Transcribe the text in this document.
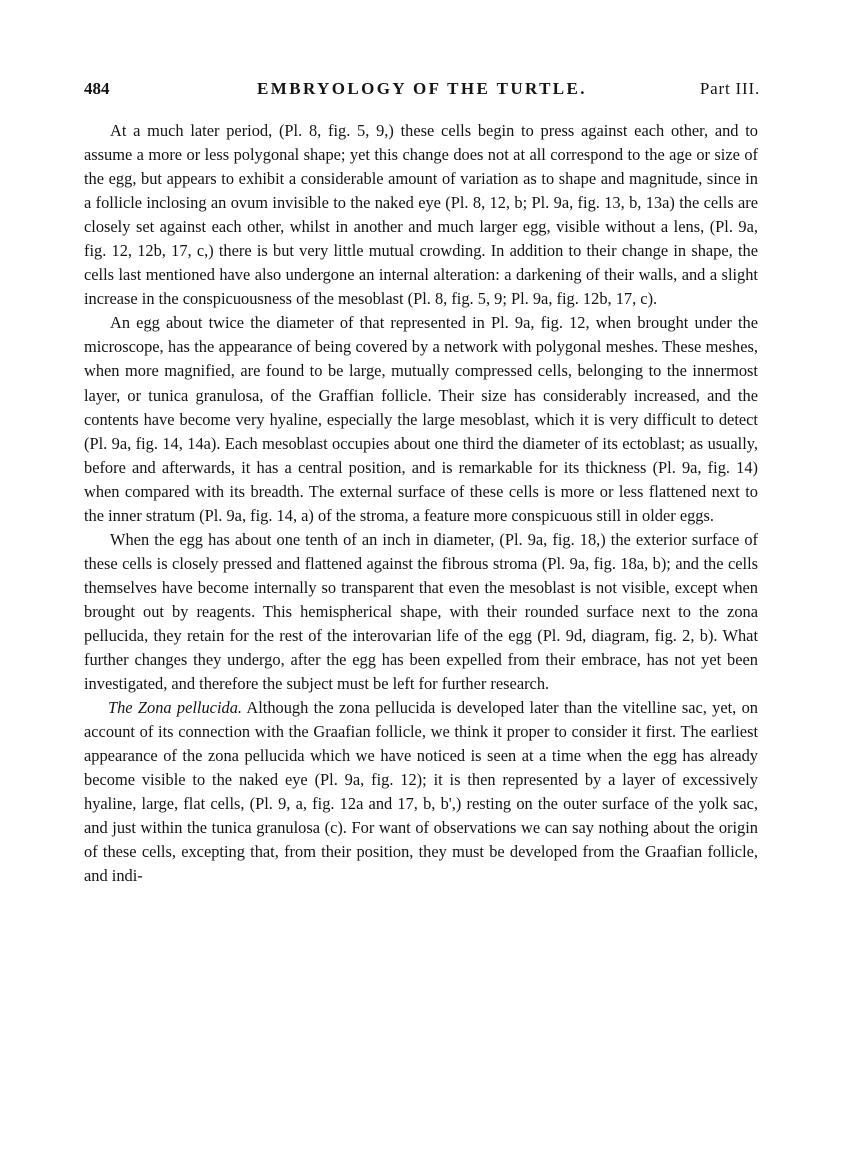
484	EMBRYOLOGY OF THE TURTLE.	Part III.

At a much later period, (Pl. 8, fig. 5, 9,) these cells begin to press against each other, and to assume a more or less polygonal shape; yet this change does not at all correspond to the age or size of the egg, but appears to exhibit a considerable amount of variation as to shape and magnitude, since in a follicle inclosing an ovum invisible to the naked eye (Pl. 8, 12, b; Pl. 9a, fig. 13, b, 13a) the cells are closely set against each other, whilst in another and much larger egg, visible without a lens, (Pl. 9a, fig. 12, 12b, 17, c,) there is but very little mutual crowding. In addition to their change in shape, the cells last mentioned have also undergone an internal alteration: a darkening of their walls, and a slight increase in the conspicuousness of the mesoblast (Pl. 8, fig. 5, 9; Pl. 9a, fig. 12b, 17, c).

An egg about twice the diameter of that represented in Pl. 9a, fig. 12, when brought under the microscope, has the appearance of being covered by a network with polygonal meshes. These meshes, when more magnified, are found to be large, mutually compressed cells, belonging to the innermost layer, or tunica granulosa, of the Graffian follicle. Their size has considerably increased, and the contents have become very hyaline, especially the large mesoblast, which it is very difficult to detect (Pl. 9a, fig. 14, 14a). Each mesoblast occupies about one third the diameter of its ectoblast; as usually, before and afterwards, it has a central position, and is remarkable for its thickness (Pl. 9a, fig. 14) when compared with its breadth. The external surface of these cells is more or less flattened next to the inner stratum (Pl. 9a, fig. 14, a) of the stroma, a feature more conspicuous still in older eggs.

When the egg has about one tenth of an inch in diameter, (Pl. 9a, fig. 18,) the exterior surface of these cells is closely pressed and flattened against the fibrous stroma (Pl. 9a, fig. 18a, b); and the cells themselves have become internally so transparent that even the mesoblast is not visible, except when brought out by reagents. This hemispherical shape, with their rounded surface next to the zona pellucida, they retain for the rest of the interovarian life of the egg (Pl. 9d, diagram, fig. 2, b). What further changes they undergo, after the egg has been expelled from their embrace, has not yet been investigated, and therefore the subject must be left for further research.

The Zona pellucida. Although the zona pellucida is developed later than the vitelline sac, yet, on account of its connection with the Graafian follicle, we think it proper to consider it first. The earliest appearance of the zona pellucida which we have noticed is seen at a time when the egg has already become visible to the naked eye (Pl. 9a, fig. 12); it is then represented by a layer of excessively hyaline, large, flat cells, (Pl. 9, a, fig. 12a and 17, b, b',) resting on the outer surface of the yolk sac, and just within the tunica granulosa (c). For want of observations we can say nothing about the origin of these cells, excepting that, from their position, they must be developed from the Graafian follicle, and indi-
